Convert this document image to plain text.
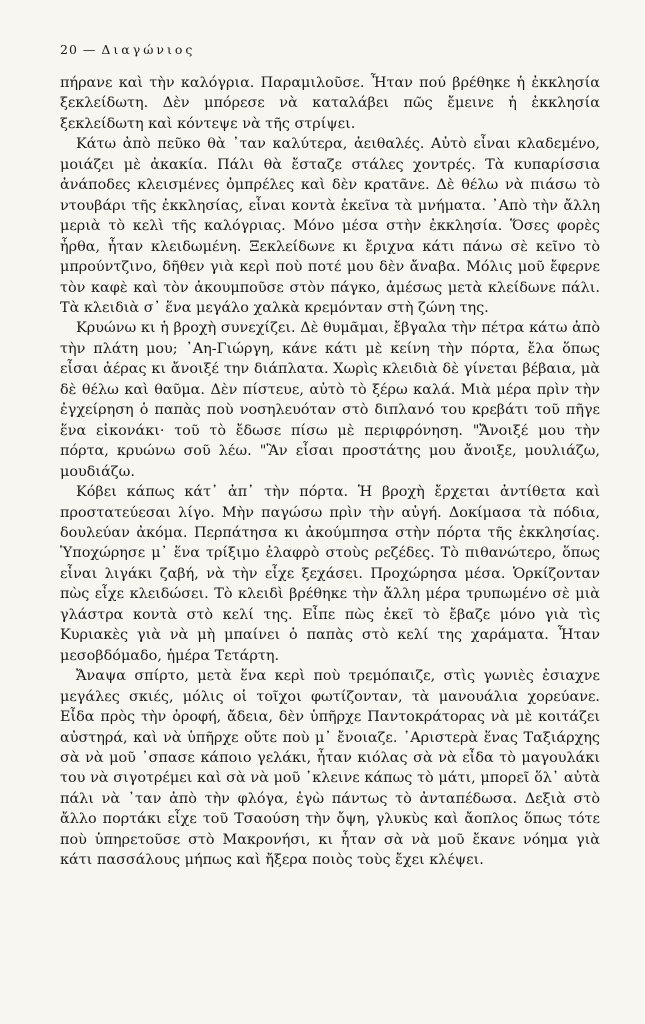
20 — Διαγώνιος

πήρανε καὶ τὴν καλόγρια. Παραμιλοῦσε. Ἦταν πού βρέθηκε ἡ ἐκκλησία ξεκλείδωτη. Δὲν μπόρεσε νὰ καταλάβει πῶς ἔμεινε ἡ ἐκκλησία ξεκλείδωτη καὶ κόντεψε νὰ τῆς στρίψει.

Κάτω ἀπὸ πεῦκο θὰ ᾽ταν καλύτερα, ἀειθαλές. Αὐτὸ εἶναι κλαδεμένο, μοιάζει μὲ ἀκακία. Πάλι θὰ ἔσταζε στάλες χοντρές. Τὰ κυπαρίσσια ἀνάποδες κλεισμένες ὀμπρέλες καὶ δὲν κρατᾶνε. Δὲ θέλω νὰ πιάσω τὸ ντουβάρι τῆς ἐκκλησίας, εἶναι κοντὰ ἐκεῖνα τὰ μνήματα. ᾽Απὸ τὴν ἄλλη μεριὰ τὸ κελὶ τῆς καλόγριας. Μόνο μέσα στὴν ἐκκλησία. Ὅσες φορὲς ἦρθα, ἦταν κλειδωμένη. Ξεκλείδωνε κι ἔριχνα κάτι πάνω σὲ κεῖνο τὸ μπρούντζινο, δῆθεν γιὰ κερὶ ποὺ ποτέ μου δὲν ἄναβα. Μόλις μοῦ ἔφερνε τὸν καφὲ καὶ τὸν ἀκουμποῦσε στὸν πάγκο, ἀμέσως μετὰ κλείδωνε πάλι. Τὰ κλειδιὰ σ᾽ ἕνα μεγάλο χαλκὰ κρεμόνταν στὴ ζώνη της.

Κρυώνω κι ἡ βροχὴ συνεχίζει. Δὲ θυμᾶμαι, ἔβγαλα τὴν πέτρα κάτω ἀπὸ τὴν πλάτη μου; ᾽Αη-Γιώργη, κάνε κάτι μὲ κείνη τὴν πόρτα, ἔλα ὅπως εἶσαι ἀέρας κι ἄνοιξέ την διάπλατα. Χωρὶς κλειδιὰ δὲ γίνεται βέβαια, μὰ δὲ θέλω καὶ θαῦμα. Δὲν πίστευε, αὐτὸ τὸ ξέρω καλά. Μιὰ μέρα πρὶν τὴν ἐγχείρηση ὁ παπὰς ποὺ νοσηλευόταν στὸ διπλανό του κρεβάτι τοῦ πῆγε ἕνα εἰκονάκι· τοῦ τὸ ἔδωσε πίσω μὲ περιφρόνηση. "Ἄνοιξέ μου τὴν πόρτα, κρυώνω σοῦ λέω. "Ἂν εἶσαι προστάτης μου ἄνοιξε, μουλιάζω, μουδιάζω.

Κόβει κάπως κάτ᾽ ἀπ᾽ τὴν πόρτα. Ἡ βροχὴ ἔρχεται ἀντίθετα καὶ προστατεύεσαι λίγο. Μὴν παγώσω πρὶν τὴν αὐγή. Δοκίμασα τὰ πόδια, δουλεύαν ἀκόμα. Περπάτησα κι ἀκούμπησα στὴν πόρτα τῆς ἐκκλησίας. Ὑποχώρησε μ᾽ ἕνα τρίξιμο ἐλαφρὸ στοὺς ρεζέδες. Τὸ πιθανώτερο, ὅπως εἶναι λιγάκι ζαβή, νὰ τὴν εἶχε ξεχάσει. Προχώρησα μέσα. Ὁρκίζονταν πὼς εἶχε κλειδώσει. Τὸ κλειδὶ βρέθηκε τὴν ἄλλη μέρα τρυπωμένο σὲ μιὰ γλάστρα κοντὰ στὸ κελί της. Εἶπε πὼς ἐκεῖ τὸ ἔβαζε μόνο γιὰ τὶς Κυριακὲς γιὰ νὰ μὴ μπαίνει ὁ παπὰς στὸ κελί της χαράματα. Ἦταν μεσοβδόμαδο, ἡμέρα Τετάρτη.

Ἄναψα σπίρτο, μετὰ ἕνα κερὶ ποὺ τρεμόπαιζε, στὶς γωνιὲς ἐσιαχνε μεγάλες σκιές, μόλις οἱ τοῖχοι φωτίζονταν, τὰ μανουάλια χορεύανε. Εἶδα πρὸς τὴν ὀροφή, ἄδεια, δὲν ὑπῆρχε Παντοκράτορας νὰ μὲ κοιτάζει αὐστηρά, καὶ νὰ ὑπῆρχε οὔτε ποὺ μ᾽ ἔνοιαζε. ᾽Αριστερὰ ἕνας Ταξιάρχης σὰ νὰ μοῦ ᾽σπασε κάποιο γελάκι, ἦταν κιόλας σὰ νὰ εἶδα τὸ μαγουλάκι του νὰ σιγοτρέμει καὶ σὰ νὰ μοῦ ᾽κλεινε κάπως τὸ μάτι, μπορεῖ ὅλ᾽ αὐτὰ πάλι νὰ ᾽ταν ἀπὸ τὴν φλόγα, ἐγὼ πάντως τὸ ἀνταπέδωσα. Δεξιὰ στὸ ἄλλο πορτάκι εἶχε τοῦ Τσαούση τὴν ὄψη, γλυκὺς καὶ ἄοπλος ὅπως τότε ποὺ ὑπηρετοῦσε στὸ Μακρονήσι, κι ἦταν σὰ νὰ μοῦ ἔκανε νόημα γιὰ κάτι πασσάλους μήπως καὶ ἤξερα ποιὸς τοὺς ἔχει κλέψει.
